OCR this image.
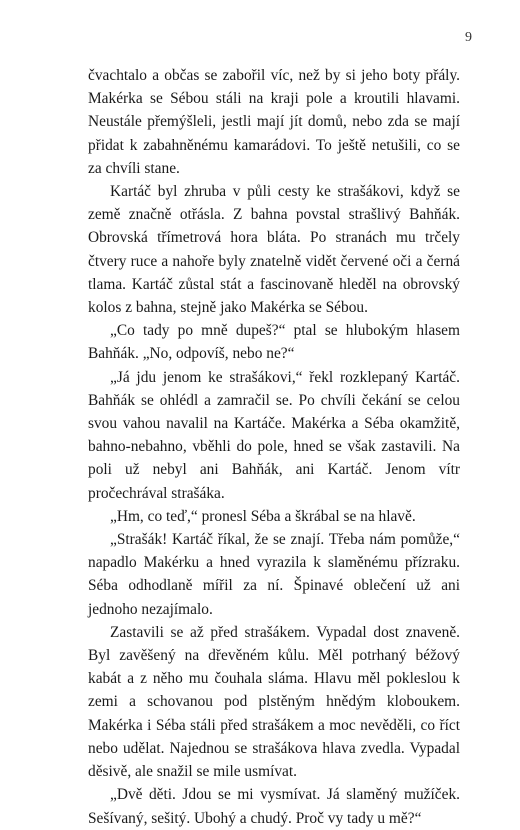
9

čvachtalo a občas se zabořil víc, než by si jeho boty přály. Makérka se Sébou stáli na kraji pole a kroutili hlavami. Neustále přemýšleli, jestli mají jít domů, nebo zda se mají přidat k zabahněnému kamarádovi. To ještě netušili, co se za chvíli stane.

Kartáč byl zhruba v půli cesty ke strašákovi, když se země značně otřásla. Z bahna povstal strašlivý Bahňák. Obrovská třímetrová hora bláta. Po stranách mu trčely čtvery ruce a nahoře byly znatelně vidět červené oči a černá tlama. Kartáč zůstal stát a fascinovaně hleděl na obrovský kolos z bahna, stejně jako Makérka se Sébou.

„Co tady po mně dupeš?“ ptal se hlubokým hlasem Bahňák. „No, odpovíš, nebo ne?“

„Já jdu jenom ke strašákovi,“ řekl rozklepaný Kartáč. Bahňák se ohlédl a zamračil se. Po chvíli čekání se celou svou vahou navalil na Kartáče. Makérka a Séba okamžitě, bahno-nebahno, vběhli do pole, hned se však zastavili. Na poli už nebyl ani Bahňák, ani Kartáč. Jenom vítr pročechrával strašáka.

„Hm, co teď,“ pronesl Séba a škrábal se na hlavě.

„Strašák! Kartáč říkal, že se znají. Třeba nám pomůže,“ napadlo Makérku a hned vyrazila k slaměnému přízraku. Séba odhodlaně mířil za ní. Špinavé oblečení už ani jednoho nezajímalo.

Zastavili se až před strašákem. Vypadal dost znaveně. Byl zavěšený na dřevěném kůlu. Měl potrhaný béžový kabát a z něho mu čouhala sláma. Hlavu měl pokleslou k zemi a schovanou pod plstěným hnědým kloboukem. Makérka i Séba stáli před strašákem a moc nevěděli, co říct nebo udělat. Najednou se strašákova hlava zvedla. Vypadal děsivě, ale snažil se mile usmívat.

„Dvě děti. Jdou se mi vysmívat. Já slaměný mužíček. Sešívaný, sešitý. Ubohý a chudý. Proč vy tady u mě?“
